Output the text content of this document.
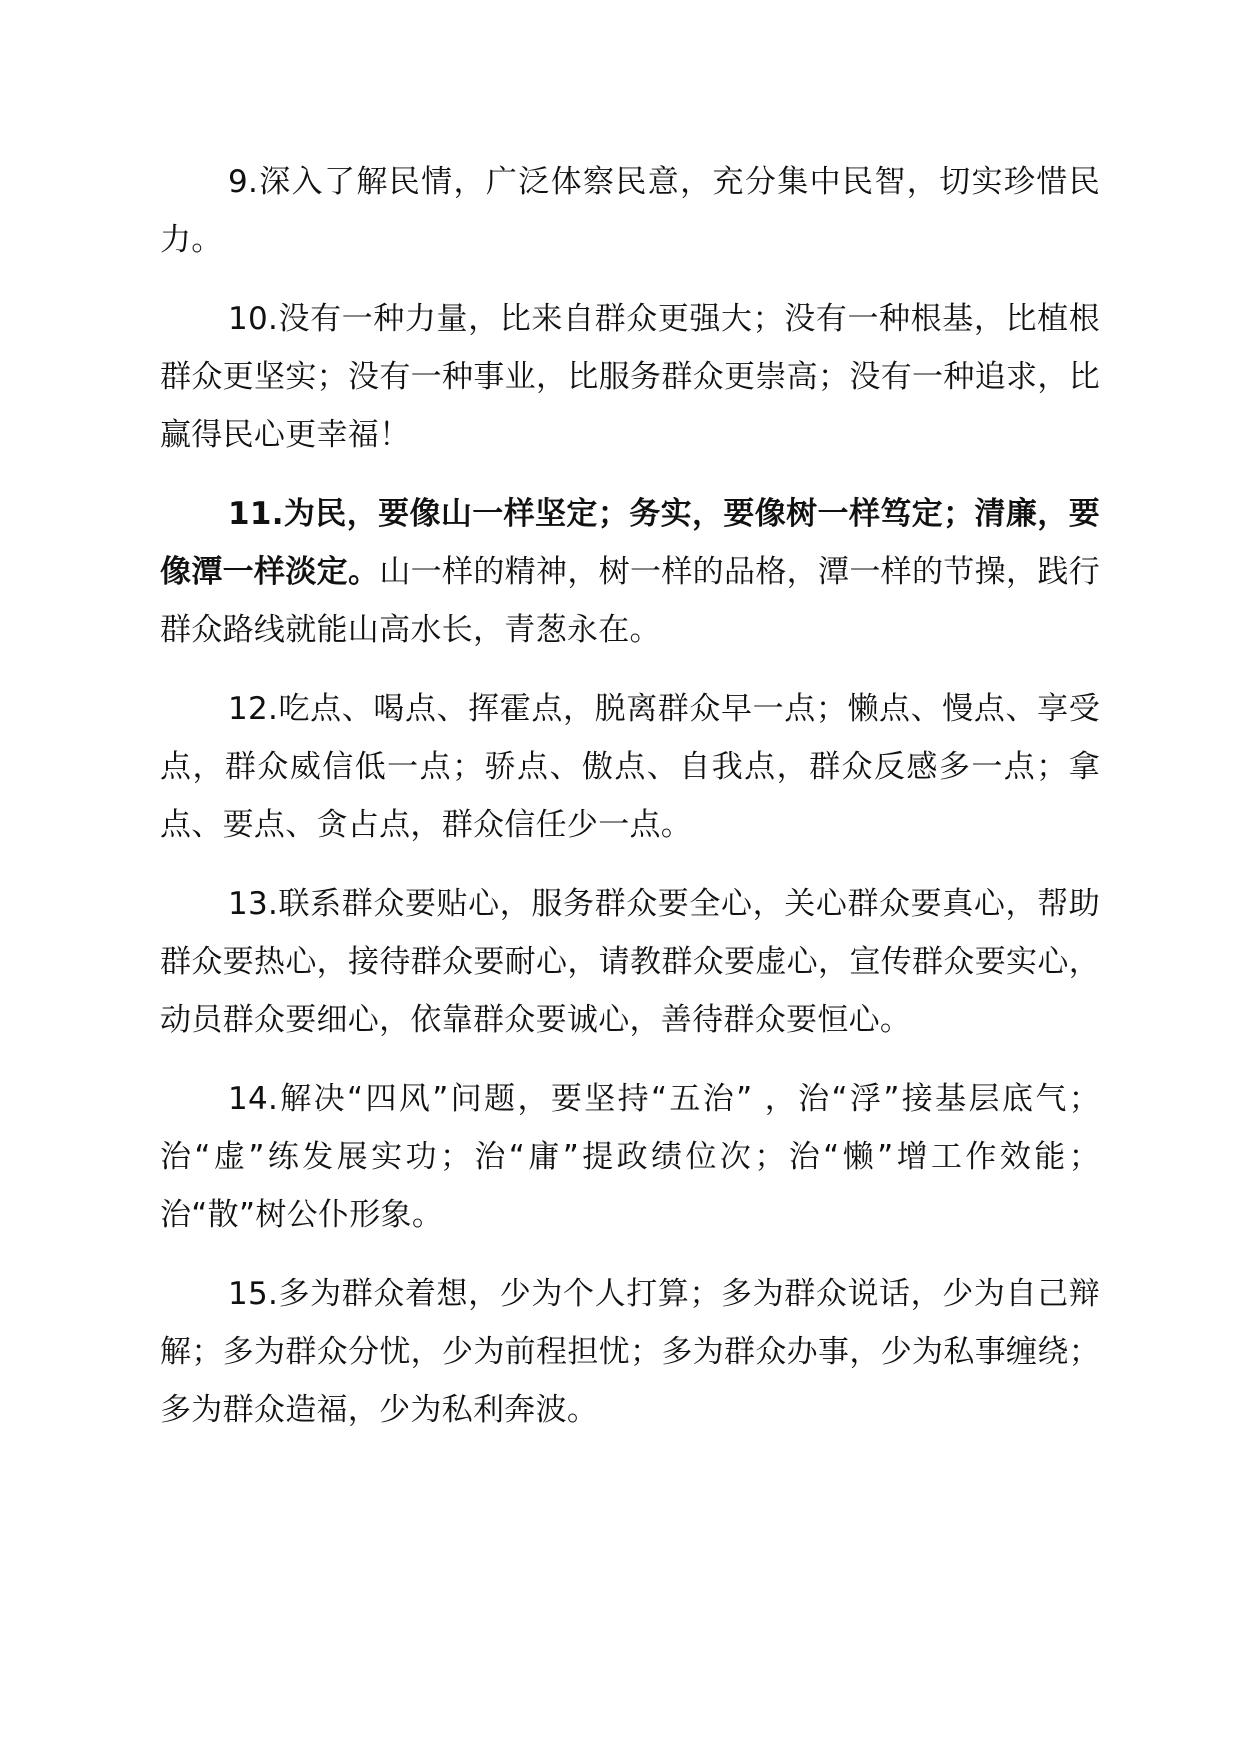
9.深入了解民情，广泛体察民意，充分集中民智，切实珍惜民力。

10.没有一种力量，比来自群众更强大；没有一种根基，比植根群众更坚实；没有一种事业，比服务群众更崇高；没有一种追求，比赢得民心更幸福！

11.为民，要像山一样坚定；务实，要像树一样笃定；清廉，要像潭一样淡定。山一样的精神，树一样的品格，潭一样的节操，践行群众路线就能山高水长，青葱永在。

12.吃点、喝点、挥霍点，脱离群众早一点；懒点、慢点、享受点，群众威信低一点；骄点、傲点、自我点，群众反感多一点；拿点、要点、贪占点，群众信任少一点。

13.联系群众要贴心，服务群众要全心，关心群众要真心，帮助群众要热心，接待群众要耐心，请教群众要虚心，宣传群众要实心，动员群众要细心，依靠群众要诚心，善待群众要恒心。

14.解决“四风”问题，要坚持“五治” ，治“浮”接基层底气；治“虚”练发展实功；治“庸”提政绩位次；治“懒”增工作效能；治“散”树公仆形象。

15.多为群众着想，少为个人打算；多为群众说话，少为自己辩解；多为群众分忧，少为前程担忧；多为群众办事，少为私事缠绕；多为群众造福，少为私利奔波。
